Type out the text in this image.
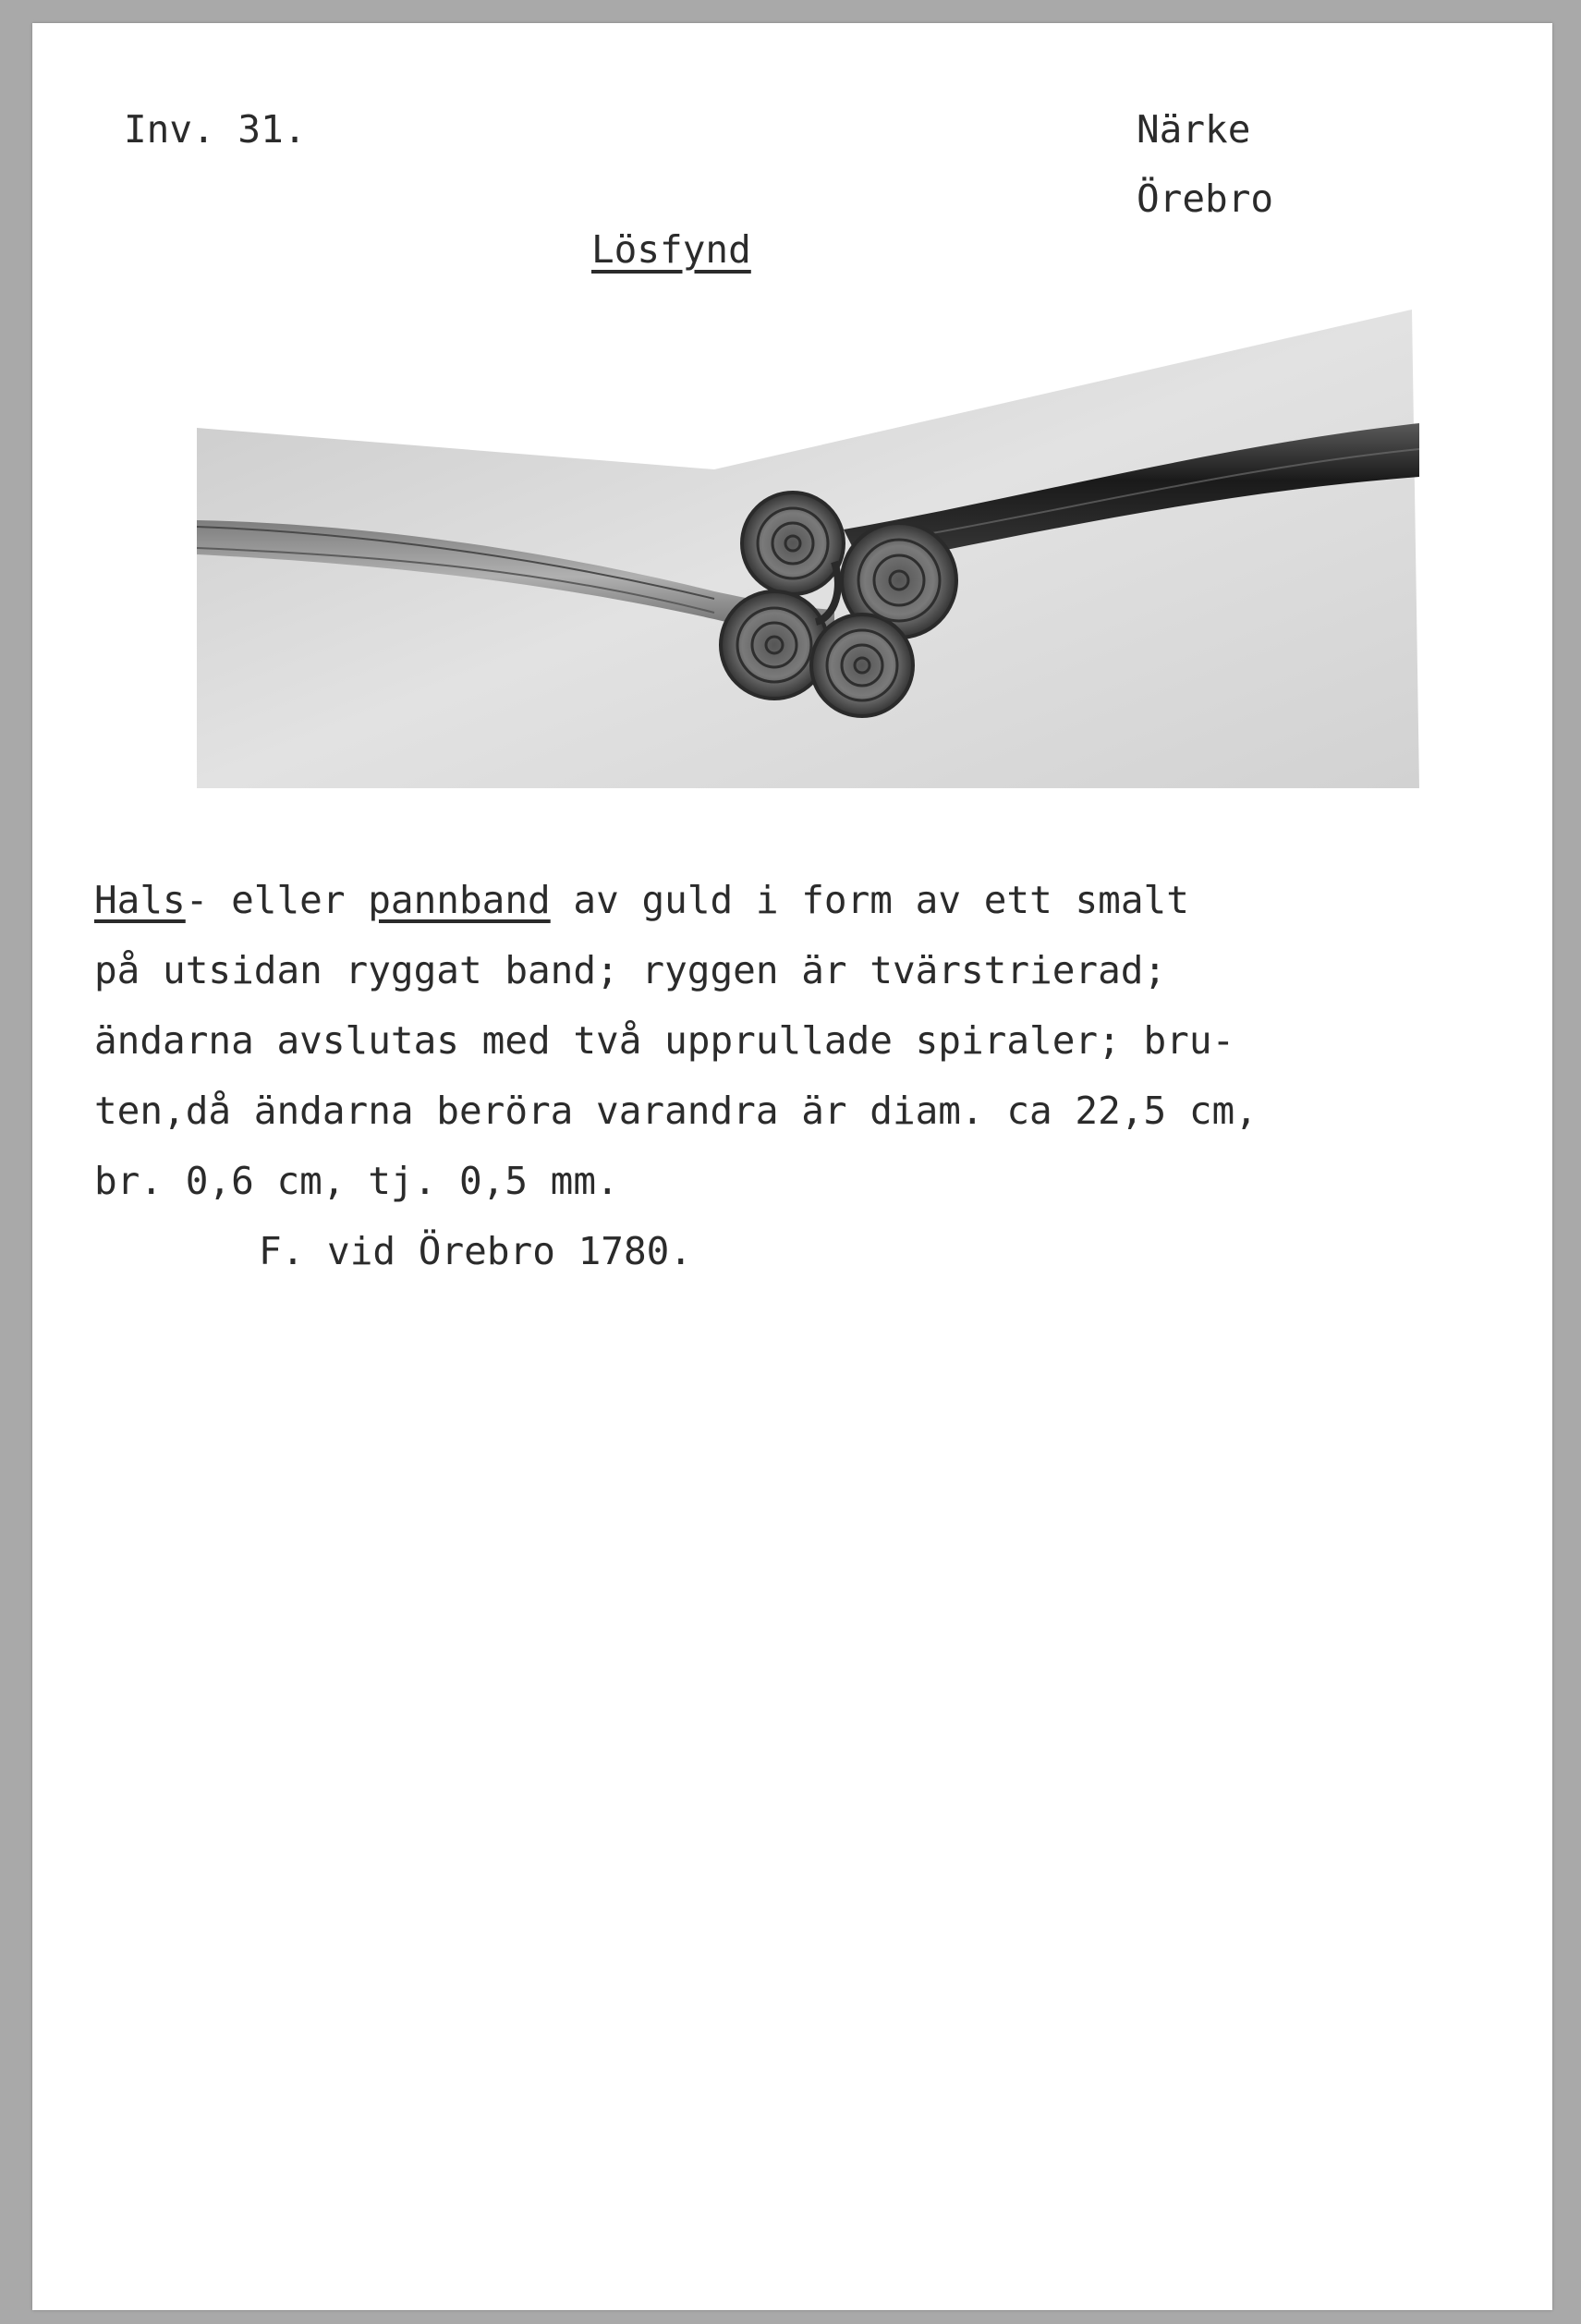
Inv. 31.	Närke
Örebro
Lösfynd
Hals- eller pannband av guld i form av ett smalt
på utsidan ryggat band; ryggen är tvärstrierad;
ändarna avslutas med två upprullade spiraler; bru-
ten,då ändarna beröra varandra är diam. ca 22,5 cm,
br. 0,6 cm, tj. 0,5 mm.
F. vid Örebro 1780.
